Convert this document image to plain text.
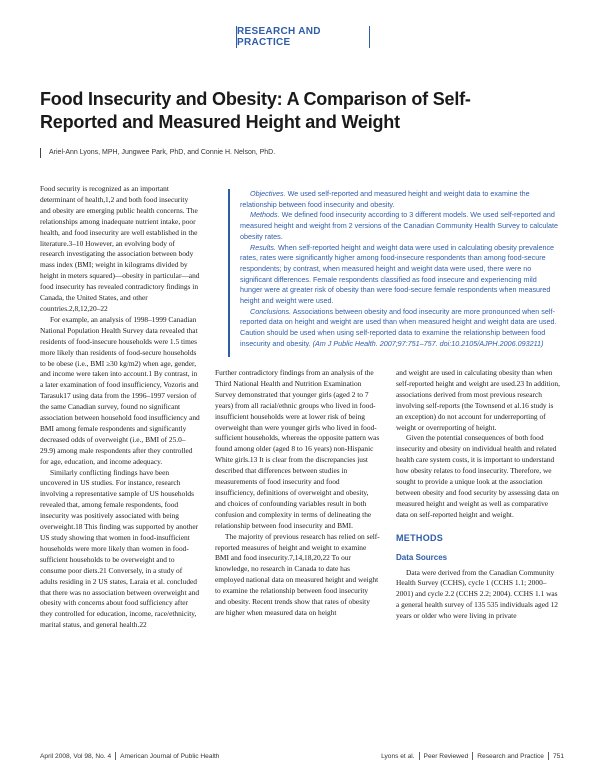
RESEARCH AND PRACTICE
Food Insecurity and Obesity: A Comparison of Self-Reported and Measured Height and Weight
Ariel-Ann Lyons, MPH, Jungwee Park, PhD, and Connie H. Nelson, PhD.

Food security is recognized as an important determinant of health,1,2 and both food insecurity and obesity are emerging public health concerns. The relationships among inadequate nutrient intake, poor health, and food insecurity are well established in the literature.3–10 However, an evolving body of research investigating the association between body mass index (BMI; weight in kilograms divided by height in meters squared)—obesity in particular—and food insecurity has revealed contradictory findings in Canada, the United States, and other countries.2,8,12,20–22

For example, an analysis of 1998–1999 Canadian National Population Health Survey data revealed that residents of food-insecure households were 1.5 times more likely than residents of food-secure households to be obese (i.e., BMI ≥30 kg/m2) when age, gender, and income were taken into account.1 By contrast, in a later examination of food insufficiency, Vozoris and Tarasuk17 using data from the 1996–1997 version of the same Canadian survey, found no significant association between household food insufficiency and BMI among female respondents and significantly decreased odds of overweight (i.e., BMI of 25.0–29.9) among male respondents after they controlled for age, education, and income adequacy.

Similarly conflicting findings have been uncovered in US studies. For instance, research involving a representative sample of US households revealed that, among female respondents, food insecurity was positively associated with being overweight.18 This finding was supported by another US study showing that women in food-insufficient households were more likely than women in food-sufficient households to be overweight and to consume poor diets.21 Conversely, in a study of adults residing in 2 US states, Laraia et al. concluded that there was no association between overweight and obesity with concerns about food sufficiency after they controlled for education, income, race/ethnicity, marital status, and general health.22

Objectives. We used self-reported and measured height and weight data to examine the relationship between food insecurity and obesity.

Methods. We defined food insecurity according to 3 different models. We used self-reported and measured height and weight from 2 versions of the Canadian Community Health Survey to calculate obesity rates.

Results. When self-reported height and weight data were used in calculating obesity prevalence rates, rates were significantly higher among food-insecure respondents than among food-secure respondents; by contrast, when measured height and weight data were used, there were no significant differences. Female respondents classified as food insecure and experiencing mild hunger were at greater risk of obesity than were food-secure female respondents when measured height and weight were used.

Conclusions. Associations between obesity and food insecurity are more pronounced when self-reported data on height and weight are used than when measured height and weight data are used. Caution should be used when using self-reported data to examine the relationship between food insecurity and obesity. (Am J Public Health. 2007;97:751–757. doi:10.2105/AJPH.2006.093211)

Further contradictory findings from an analysis of the Third National Health and Nutrition Examination Survey demonstrated that younger girls (aged 2 to 7 years) from all racial/ethnic groups who lived in food-insufficient households were at lower risk of being overweight than were younger girls who lived in food-sufficient households, whereas the opposite pattern was found among older (aged 8 to 16 years) non-Hispanic White girls.13 It is clear from the discrepancies just described that differences between studies in measurements of food insecurity and food insufficiency, definitions of overweight and obesity, and choices of confounding variables result in both confusion and complexity in terms of delineating the relationship between food insecurity and BMI.

The majority of previous research has relied on self-reported measures of height and weight to examine BMI and food insecurity.7,14,18,20,22 To our knowledge, no research in Canada to date has employed national data on measured height and weight to examine the relationship between food insecurity and obesity. Recent trends show that rates of obesity are higher when measured data on height

and weight are used in calculating obesity than when self-reported height and weight are used.23 In addition, associations derived from most previous research involving self-reports (the Townsend et al.16 study is an exception) do not account for underreporting of weight or overreporting of height.

Given the potential consequences of both food insecurity and obesity on individual health and related health care system costs, it is important to understand how obesity relates to food insecurity. Therefore, we sought to provide a unique look at the association between obesity and food security by assessing data on measured height and weight as well as comparative data on self-reported height and weight.

METHODS
Data Sources

Data were derived from the Canadian Community Health Survey (CCHS), cycle 1 (CCHS 1.1; 2000–2001) and cycle 2.2 (CCHS 2.2; 2004). CCHS 1.1 was a general health survey of 135 535 individuals aged 12 years or older who were living in private

April 2008, Vol 98, No. 4 American Journal of Public Health	Lyons et al. Peer Reviewed Research and Practice 751
